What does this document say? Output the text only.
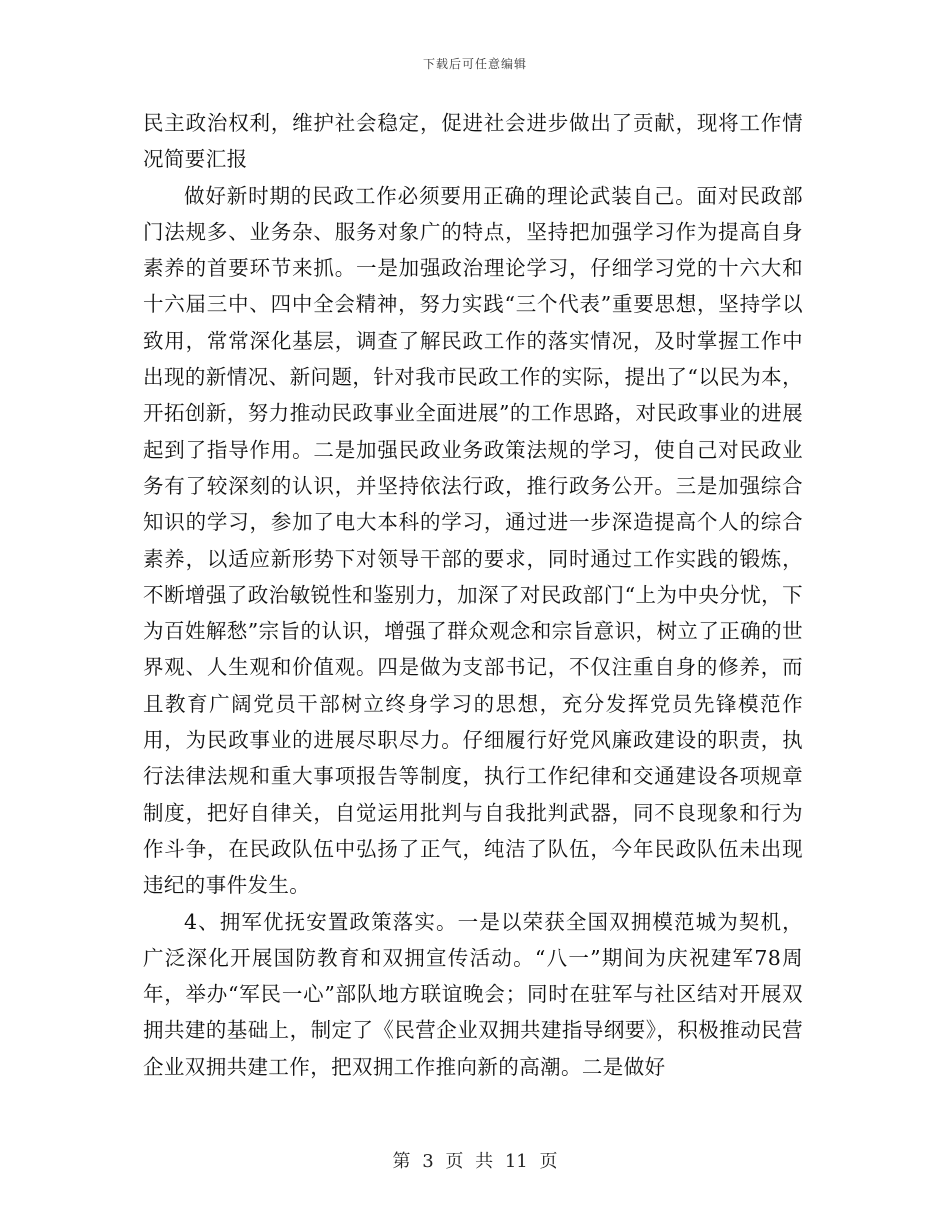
下载后可任意编辑

民主政治权利，维护社会稳定，促进社会进步做出了贡献，现将工作情况简要汇报

做好新时期的民政工作必须要用正确的理论武装自己。面对民政部门法规多、业务杂、服务对象广的特点，坚持把加强学习作为提高自身素养的首要环节来抓。一是加强政治理论学习，仔细学习党的十六大和十六届三中、四中全会精神，努力实践“三个代表”重要思想，坚持学以致用，常常深化基层，调查了解民政工作的落实情况，及时掌握工作中出现的新情况、新问题，针对我市民政工作的实际，提出了“以民为本，开拓创新，努力推动民政事业全面进展”的工作思路，对民政事业的进展起到了指导作用。二是加强民政业务政策法规的学习，使自己对民政业务有了较深刻的认识，并坚持依法行政，推行政务公开。三是加强综合知识的学习，参加了电大本科的学习，通过进一步深造提高个人的综合素养，以适应新形势下对领导干部的要求，同时通过工作实践的锻炼，不断增强了政治敏锐性和鉴别力，加深了对民政部门“上为中央分忧，下为百姓解愁”宗旨的认识，增强了群众观念和宗旨意识，树立了正确的世界观、人生观和价值观。四是做为支部书记，不仅注重自身的修养，而且教育广阔党员干部树立终身学习的思想，充分发挥党员先锋模范作用，为民政事业的进展尽职尽力。仔细履行好党风廉政建设的职责，执行法律法规和重大事项报告等制度，执行工作纪律和交通建设各项规章制度，把好自律关，自觉运用批判与自我批判武器，同不良现象和行为作斗争，在民政队伍中弘扬了正气，纯洁了队伍，今年民政队伍未出现违纪的事件发生。

4、拥军优抚安置政策落实。一是以荣获全国双拥模范城为契机，广泛深化开展国防教育和双拥宣传活动。“八一”期间为庆祝建军78周年，举办“军民一心”部队地方联谊晚会；同时在驻军与社区结对开展双拥共建的基础上，制定了《民营企业双拥共建指导纲要》，积极推动民营企业双拥共建工作，把双拥工作推向新的高潮。二是做好

第 3 页 共 11 页
